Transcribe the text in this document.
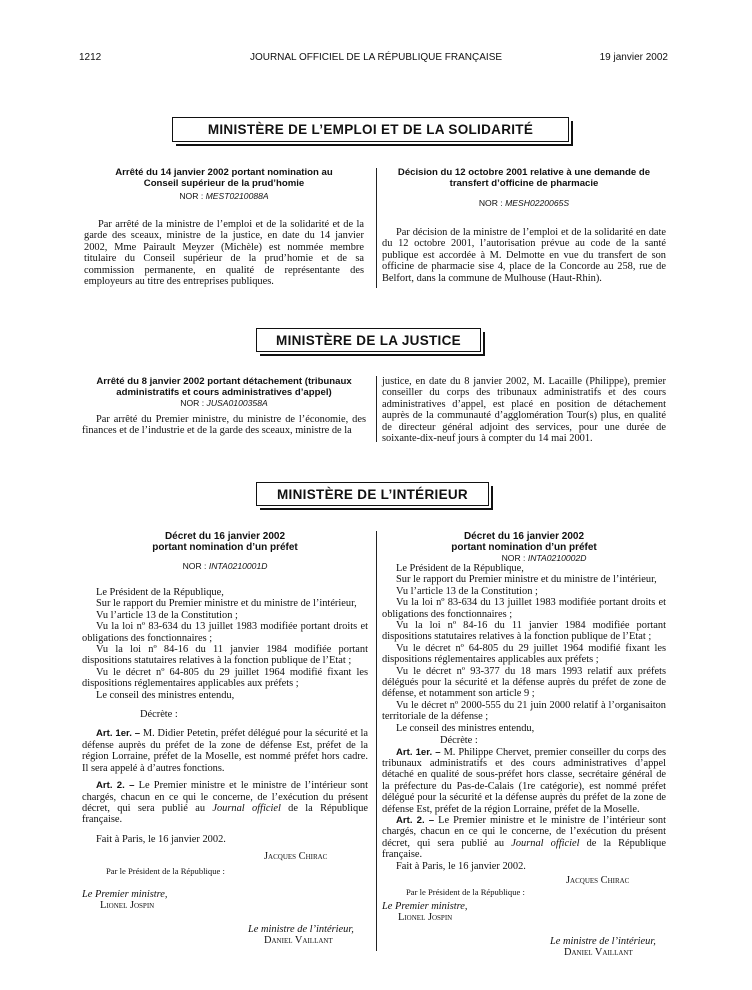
1212	JOURNAL OFFICIEL DE LA RÉPUBLIQUE FRANÇAISE	19 janvier 2002
MINISTÈRE DE L’EMPLOI ET DE LA SOLIDARITÉ
Arrêté du 14 janvier 2002 portant nomination au Conseil supérieur de la prud’homie
NOR : MEST0210088A

Par arrêté de la ministre de l’emploi et de la solidarité et de la garde des sceaux, ministre de la justice, en date du 14 janvier 2002, Mme Pairault Meyzer (Michèle) est nommée membre titulaire du Conseil supérieur de la prud’homie et de sa commission permanente, en qualité de représentante des employeurs au titre des entreprises publiques.

Décision du 12 octobre 2001 relative à une demande de transfert d’officine de pharmacie
NOR : MESH0220065S

Par décision de la ministre de l’emploi et de la solidarité en date du 12 octobre 2001, l’autorisation prévue au code de la santé publique est accordée à M. Delmotte en vue du transfert de son officine de pharmacie sise 4, place de la Concorde au 258, rue de Belfort, dans la commune de Mulhouse (Haut-Rhin).

MINISTÈRE DE LA JUSTICE
Arrêté du 8 janvier 2002 portant détachement (tribunaux administratifs et cours administratives d’appel)
NOR : JUSA0100358A

Par arrêté du Premier ministre, du ministre de l’économie, des finances et de l’industrie et de la garde des sceaux, ministre de la

justice, en date du 8 janvier 2002, M. Lacaille (Philippe), premier conseiller du corps des tribunaux administratifs et des cours administratives d’appel, est placé en position de détachement auprès de la communauté d’agglomération Tour(s) plus, en qualité de directeur général adjoint des services, pour une durée de soixante-dix-neuf jours à compter du 14 mai 2001.

MINISTÈRE DE L’INTÉRIEUR
Décret du 16 janvier 2002
portant nomination d’un préfet
NOR : INTA0210001D

Le Président de la République,

Sur le rapport du Premier ministre et du ministre de l’intérieur,

Vu l’article 13 de la Constitution ;

Vu la loi nº 83-634 du 13 juillet 1983 modifiée portant droits et obligations des fonctionnaires ;

Vu la loi nº 84-16 du 11 janvier 1984 modifiée portant dispositions statutaires relatives à la fonction publique de l’Etat ;

Vu le décret nº 64-805 du 29 juillet 1964 modifié fixant les dispositions réglementaires applicables aux préfets ;

Le conseil des ministres entendu,

Décrète :

Art. 1er. – M. Didier Petetin, préfet délégué pour la sécurité et la défense auprès du préfet de la zone de défense Est, préfet de la région Lorraine, préfet de la Moselle, est nommé préfet hors cadre. Il sera appelé à d’autres fonctions.

Art. 2. – Le Premier ministre et le ministre de l’intérieur sont chargés, chacun en ce qui le concerne, de l’exécution du présent décret, qui sera publié au Journal officiel de la République française.

Fait à Paris, le 16 janvier 2002.

Jacques Chirac

Par le Président de la République :

Le Premier ministre,

Lionel Jospin

Le ministre de l’intérieur,

Daniel Vaillant

Décret du 16 janvier 2002
portant nomination d’un préfet
NOR : INTA0210002D

Le Président de la République,

Sur le rapport du Premier ministre et du ministre de l’intérieur,

Vu l’article 13 de la Constitution ;

Vu la loi nº 83-634 du 13 juillet 1983 modifiée portant droits et obligations des fonctionnaires ;

Vu la loi nº 84-16 du 11 janvier 1984 modifiée portant dispositions statutaires relatives à la fonction publique de l’Etat ;

Vu le décret nº 64-805 du 29 juillet 1964 modifié fixant les dispositions réglementaires applicables aux préfets ;

Vu le décret nº 93-377 du 18 mars 1993 relatif aux préfets délégués pour la sécurité et la défense auprès du préfet de zone de défense, et notamment son article 9 ;

Vu le décret nº 2000-555 du 21 juin 2000 relatif à l’organisaiton territoriale de la défense ;

Le conseil des ministres entendu,

Décrète :

Art. 1er. – M. Philippe Chervet, premier conseiller du corps des tribunaux administratifs et des cours administratives d’appel détaché en qualité de sous-préfet hors classe, secrétaire général de la préfecture du Pas-de-Calais (1re catégorie), est nommé préfet délégué pour la sécurité et la défense auprès du préfet de la zone de défense Est, préfet de la région Lorraine, préfet de la Moselle.

Art. 2. – Le Premier ministre et le ministre de l’intérieur sont chargés, chacun en ce qui le concerne, de l’exécution du présent décret, qui sera publié au Journal officiel de la République française.

Fait à Paris, le 16 janvier 2002.

Jacques Chirac

Par le Président de la République :

Le Premier ministre,

Lionel Jospin

Le ministre de l’intérieur,

Daniel Vaillant
